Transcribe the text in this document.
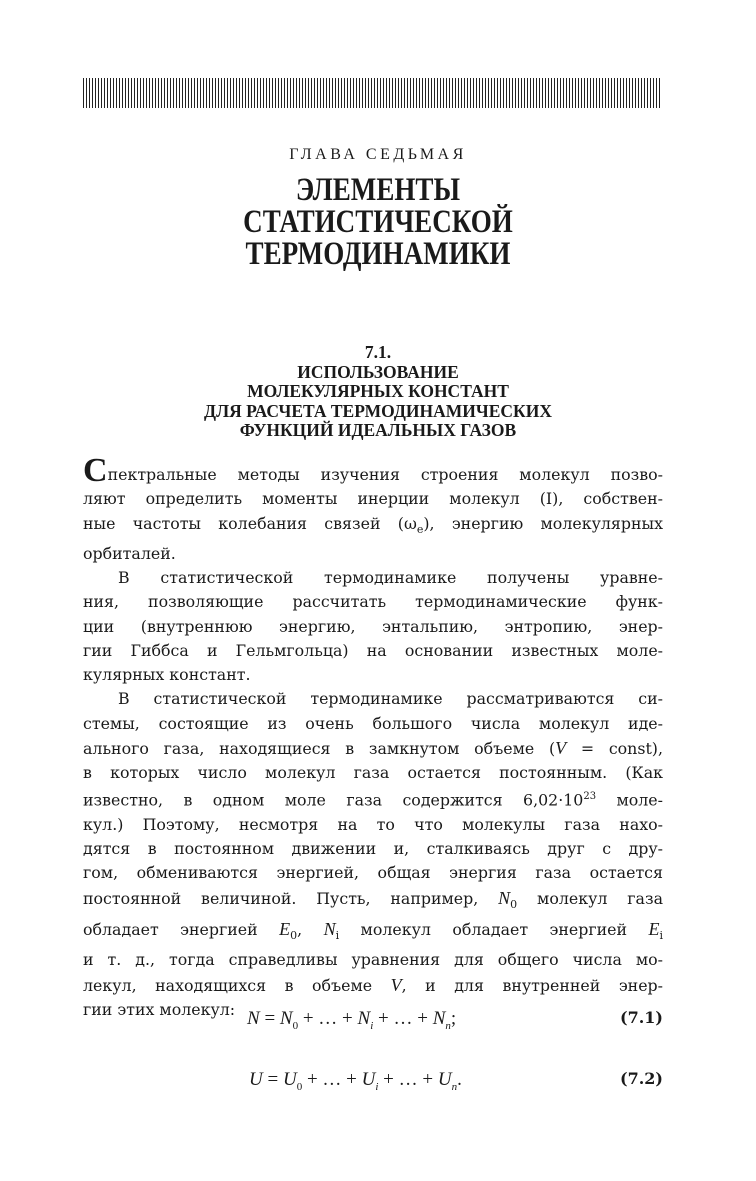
ГЛАВА СЕДЬМАЯ
ЭЛЕМЕНТЫ
СТАТИСТИЧЕСКОЙ
ТЕРМОДИНАМИКИ
7.1.
ИСПОЛЬЗОВАНИЕ
МОЛЕКУЛЯРНЫХ КОНСТАНТ
ДЛЯ РАСЧЕТА ТЕРМОДИНАМИЧЕСКИХ
ФУНКЦИЙ ИДЕАЛЬНЫХ ГАЗОВ
Спектральные методы изучения строения молекул позво-
ляют определить моменты инерции молекул (I), собствен-
ные частоты колебания связей $(\omega_e)$, энергию молекулярных
орбиталей.
В статистической термодинамике получены уравне-
ния, позволяющие рассчитать термодинамические функ-
ции (внутреннюю энергию, энтальпию, энтропию, энер-
гии Гиббса и Гельмгольца) на основании известных моле-
кулярных констант.
В статистической термодинамике рассматриваются си-
стемы, состоящие из очень большого числа молекул иде-
ального газа, находящиеся в замкнутом объеме (V = const),
в которых число молекул газа остается постоянным. (Как
известно, в одном моле газа содержится $6,02\cdot 10^{23}$ моле-
кул.) Поэтому, несмотря на то что молекулы газа нахо-
дятся в постоянном движении и, сталкиваясь друг с дру-
гом, обмениваются энергией, общая энергия газа остается
постоянной величиной. Пусть, например, $N_0$ молекул газа
обладает энергией $E_0$, $N_i$ молекул обладает энергией $E_i$
и т. д., тогда справедливы уравнения для общего числа мо-
лекул, находящихся в объеме V, и для внутренней энер-
гии этих молекул: $N = N_0$ + … + $N_i$ + … + $N_n$;	(7.1)
$U = U_0$ + … + $U_i$ + … + $U_n$.	(7.2)
